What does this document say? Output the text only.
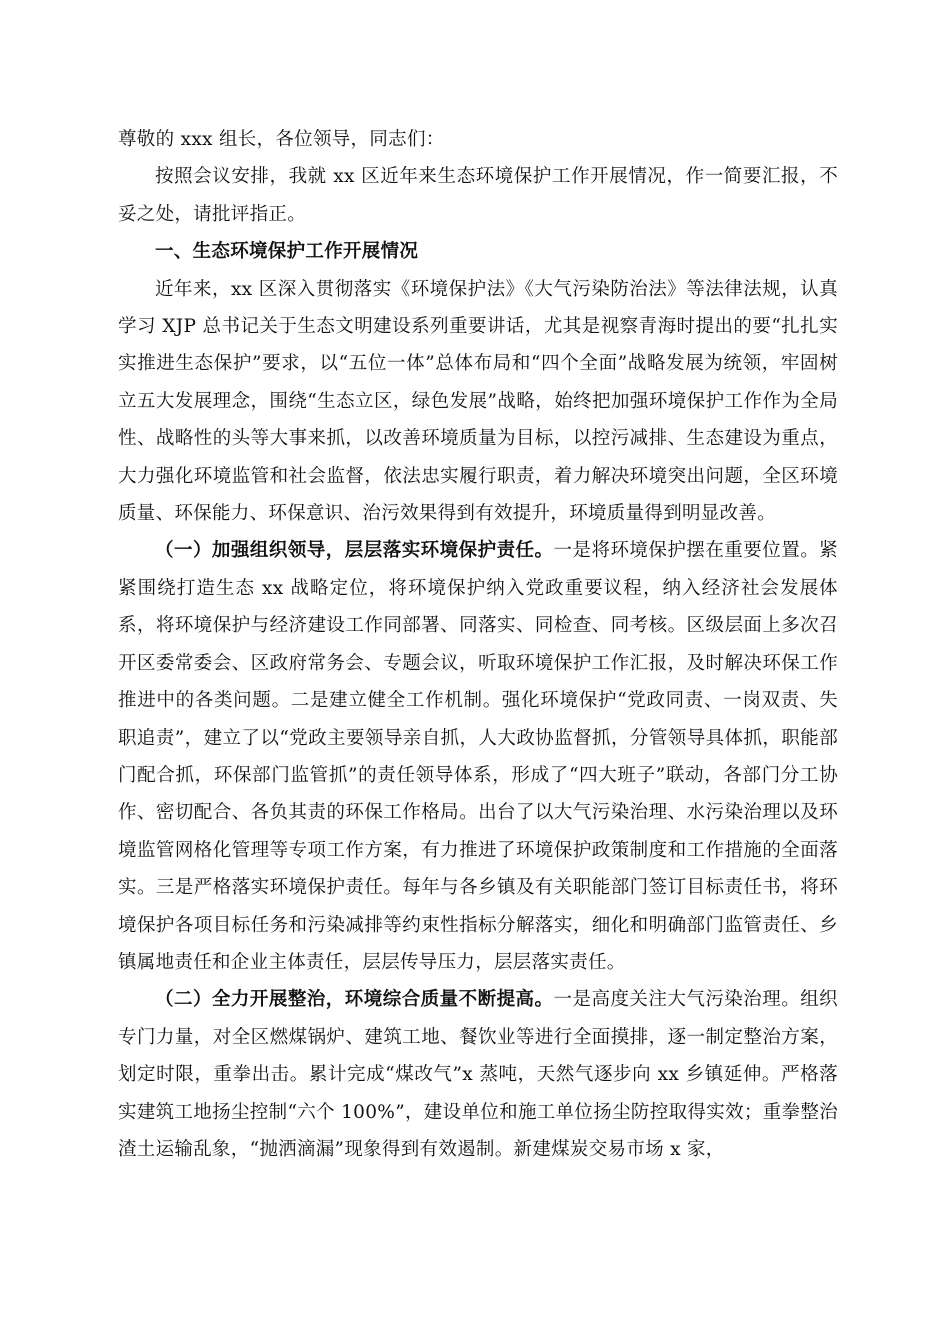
尊敬的 xxx 组长，各位领导，同志们：

按照会议安排，我就 xx 区近年来生态环境保护工作开展情况，作一简要汇报，不妥之处，请批评指正。

一、生态环境保护工作开展情况

近年来，xx 区深入贯彻落实《环境保护法》《大气污染防治法》等法律法规，认真学习 XJP 总书记关于生态文明建设系列重要讲话，尤其是视察青海时提出的要“扎扎实实推进生态保护”要求，以“五位一体”总体布局和“四个全面”战略发展为统领，牢固树立五大发展理念，围绕“生态立区，绿色发展”战略，始终把加强环境保护工作作为全局性、战略性的头等大事来抓，以改善环境质量为目标，以控污减排、生态建设为重点，大力强化环境监管和社会监督，依法忠实履行职责，着力解决环境突出问题，全区环境质量、环保能力、环保意识、治污效果得到有效提升，环境质量得到明显改善。

（一）加强组织领导，层层落实环境保护责任。一是将环境保护摆在重要位置。紧紧围绕打造生态 xx 战略定位，将环境保护纳入党政重要议程，纳入经济社会发展体系，将环境保护与经济建设工作同部署、同落实、同检查、同考核。区级层面上多次召开区委常委会、区政府常务会、专题会议，听取环境保护工作汇报，及时解决环保工作推进中的各类问题。二是建立健全工作机制。强化环境保护“党政同责、一岗双责、失职追责”，建立了以“党政主要领导亲自抓，人大政协监督抓，分管领导具体抓，职能部门配合抓，环保部门监管抓”的责任领导体系，形成了“四大班子”联动，各部门分工协作、密切配合、各负其责的环保工作格局。出台了以大气污染治理、水污染治理以及环境监管网格化管理等专项工作方案，有力推进了环境保护政策制度和工作措施的全面落实。三是严格落实环境保护责任。每年与各乡镇及有关职能部门签订目标责任书，将环境保护各项目标任务和污染减排等约束性指标分解落实，细化和明确部门监管责任、乡镇属地责任和企业主体责任，层层传导压力，层层落实责任。

（二）全力开展整治，环境综合质量不断提高。一是高度关注大气污染治理。组织专门力量，对全区燃煤锅炉、建筑工地、餐饮业等进行全面摸排，逐一制定整治方案，划定时限，重拳出击。累计完成“煤改气”x 蒸吨，天然气逐步向 xx 乡镇延伸。严格落实建筑工地扬尘控制“六个 100%”，建设单位和施工单位扬尘防控取得实效；重拳整治渣土运输乱象，“抛洒滴漏”现象得到有效遏制。新建煤炭交易市场 x 家，
